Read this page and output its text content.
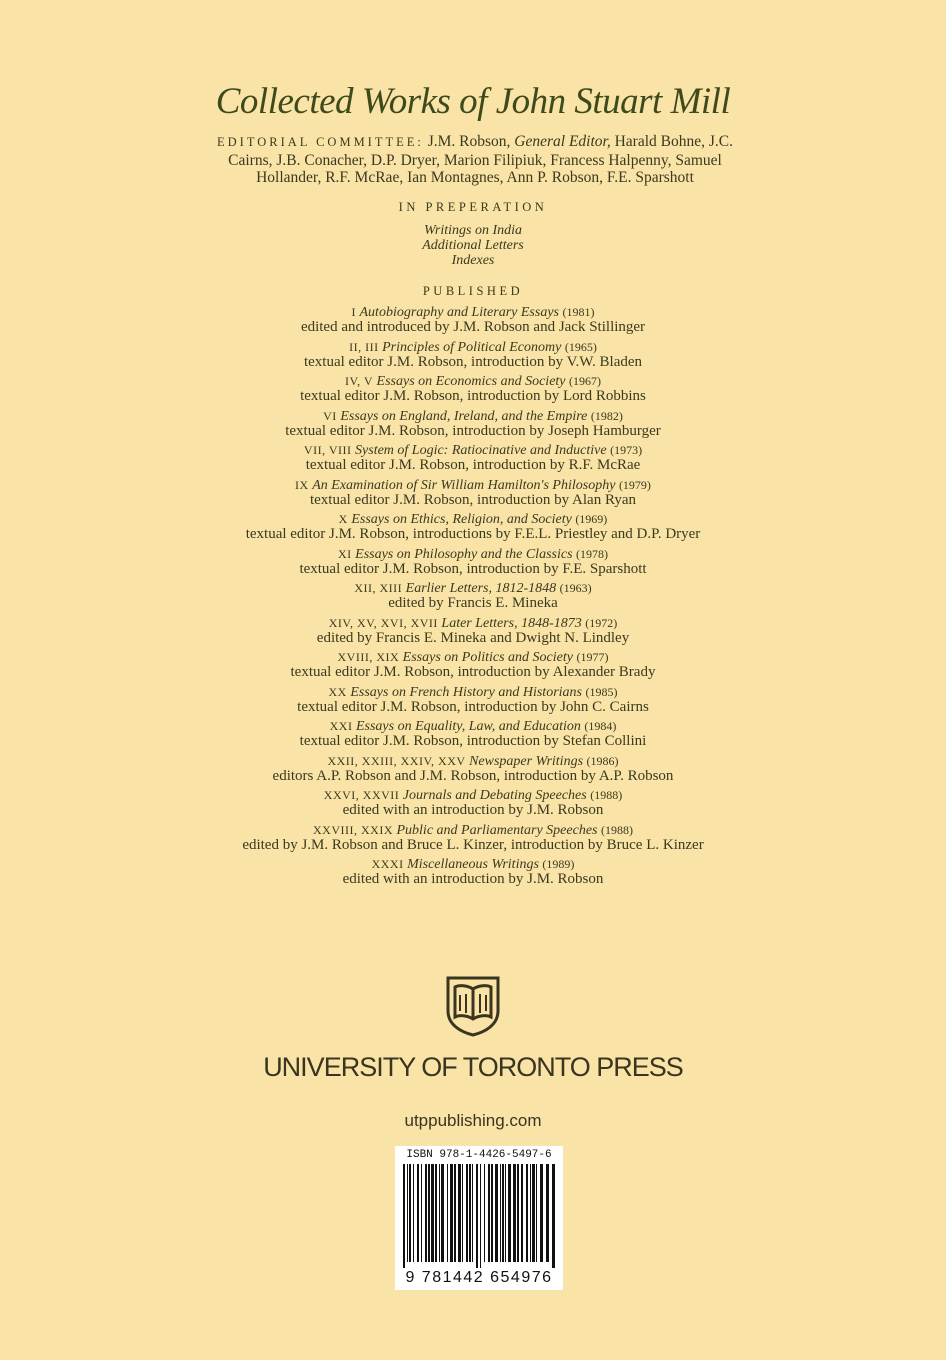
Collected Works of John Stuart Mill
EDITORIAL COMMITTEE: J.M. Robson, General Editor, Harald Bohne, J.C. Cairns, J.B. Conacher, D.P. Dryer, Marion Filipiuk, Francess Halpenny, Samuel Hollander, R.F. McRae, Ian Montagnes, Ann P. Robson, F.E. Sparshott
IN PREPERATION
Writings on India
Additional Letters
Indexes
PUBLISHED
I Autobiography and Literary Essays (1981)
edited and introduced by J.M. Robson and Jack Stillinger
II, III Principles of Political Economy (1965)
textual editor J.M. Robson, introduction by V.W. Bladen
IV, V Essays on Economics and Society (1967)
textual editor J.M. Robson, introduction by Lord Robbins
VI Essays on England, Ireland, and the Empire (1982)
textual editor J.M. Robson, introduction by Joseph Hamburger
VII, VIII System of Logic: Ratiocinative and Inductive (1973)
textual editor J.M. Robson, introduction by R.F. McRae
IX An Examination of Sir William Hamilton's Philosophy (1979)
textual editor J.M. Robson, introduction by Alan Ryan
X Essays on Ethics, Religion, and Society (1969)
textual editor J.M. Robson, introductions by F.E.L. Priestley and D.P. Dryer
XI Essays on Philosophy and the Classics (1978)
textual editor J.M. Robson, introduction by F.E. Sparshott
XII, XIII Earlier Letters, 1812-1848 (1963)
edited by Francis E. Mineka
XIV, XV, XVI, XVII Later Letters, 1848-1873 (1972)
edited by Francis E. Mineka and Dwight N. Lindley
XVIII, XIX Essays on Politics and Society (1977)
textual editor J.M. Robson, introduction by Alexander Brady
XX Essays on French History and Historians (1985)
textual editor J.M. Robson, introduction by John C. Cairns
XXI Essays on Equality, Law, and Education (1984)
textual editor J.M. Robson, introduction by Stefan Collini
XXII, XXIII, XXIV, XXV Newspaper Writings (1986)
editors A.P. Robson and J.M. Robson, introduction by A.P. Robson
XXVI, XXVII Journals and Debating Speeches (1988)
edited with an introduction by J.M. Robson
XXVIII, XXIX Public and Parliamentary Speeches (1988)
edited by J.M. Robson and Bruce L. Kinzer, introduction by Bruce L. Kinzer
XXXI Miscellaneous Writings (1989)
edited with an introduction by J.M. Robson
UNIVERSITY OF TORONTO PRESS
utppublishing.com
ISBN 978-1-4426-5497-6
9 781442 654976
